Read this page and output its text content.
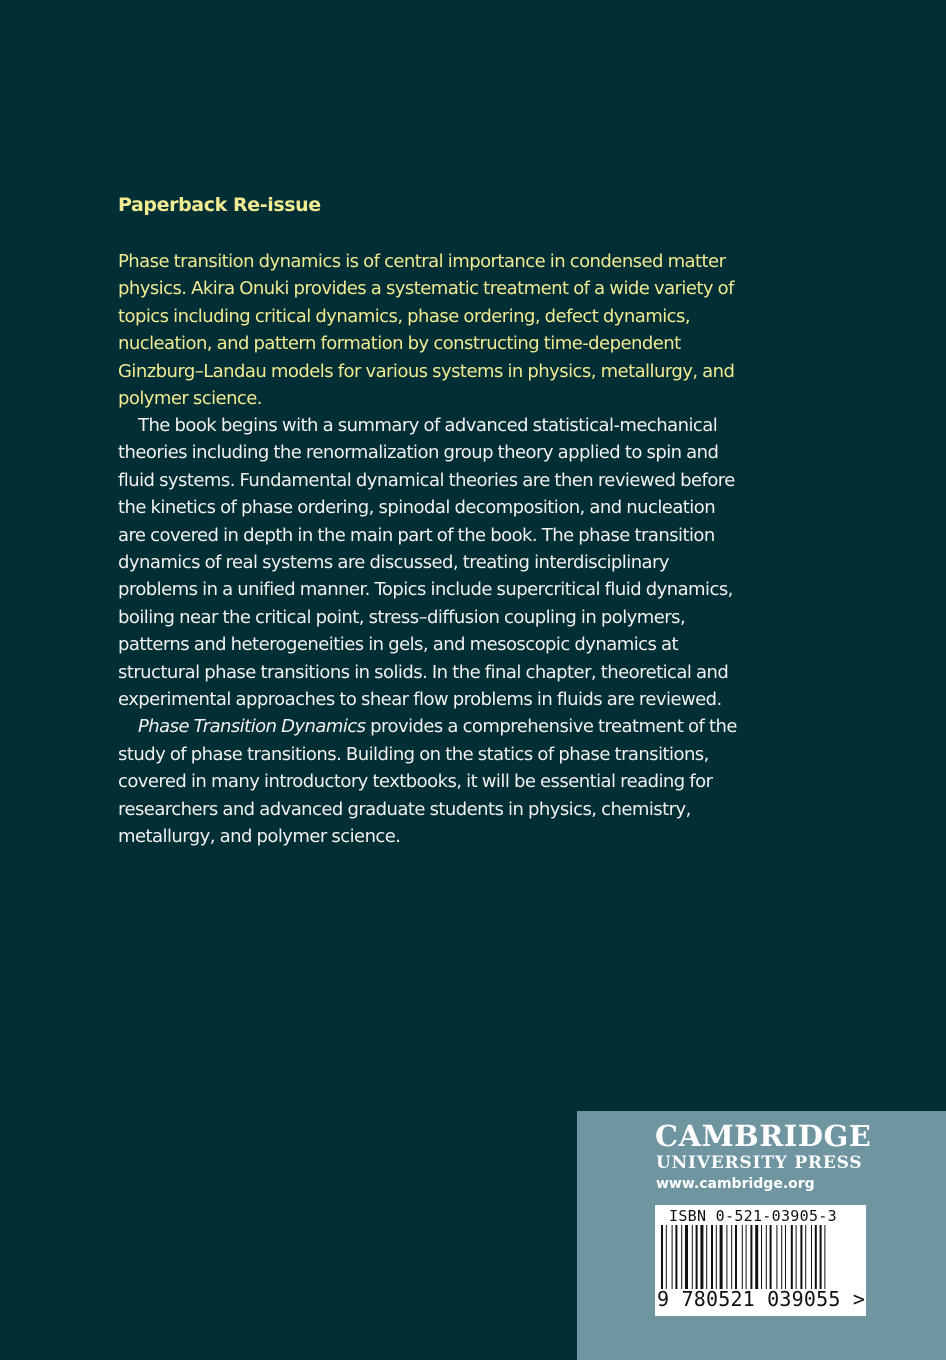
Paperback Re-issue
Phase transition dynamics is of central importance in condensed matter physics. Akira Onuki provides a systematic treatment of a wide variety of topics including critical dynamics, phase ordering, defect dynamics, nucleation, and pattern formation by constructing time-dependent Ginzburg–Landau models for various systems in physics, metallurgy, and polymer science.

The book begins with a summary of advanced statistical-mechanical theories including the renormalization group theory applied to spin and fluid systems. Fundamental dynamical theories are then reviewed before the kinetics of phase ordering, spinodal decomposition, and nucleation are covered in depth in the main part of the book. The phase transition dynamics of real systems are discussed, treating interdisciplinary problems in a unified manner. Topics include supercritical fluid dynamics, boiling near the critical point, stress–diffusion coupling in polymers, patterns and heterogeneities in gels, and mesoscopic dynamics at structural phase transitions in solids. In the final chapter, theoretical and experimental approaches to shear flow problems in fluids are reviewed.

Phase Transition Dynamics provides a comprehensive treatment of the study of phase transitions. Building on the statics of phase transitions, covered in many introductory textbooks, it will be essential reading for researchers and advanced graduate students in physics, chemistry, metallurgy, and polymer science.

CAMBRIDGE
UNIVERSITY PRESS
www.cambridge.org
ISBN 0-521-03905-3
9 780521 039055 >
